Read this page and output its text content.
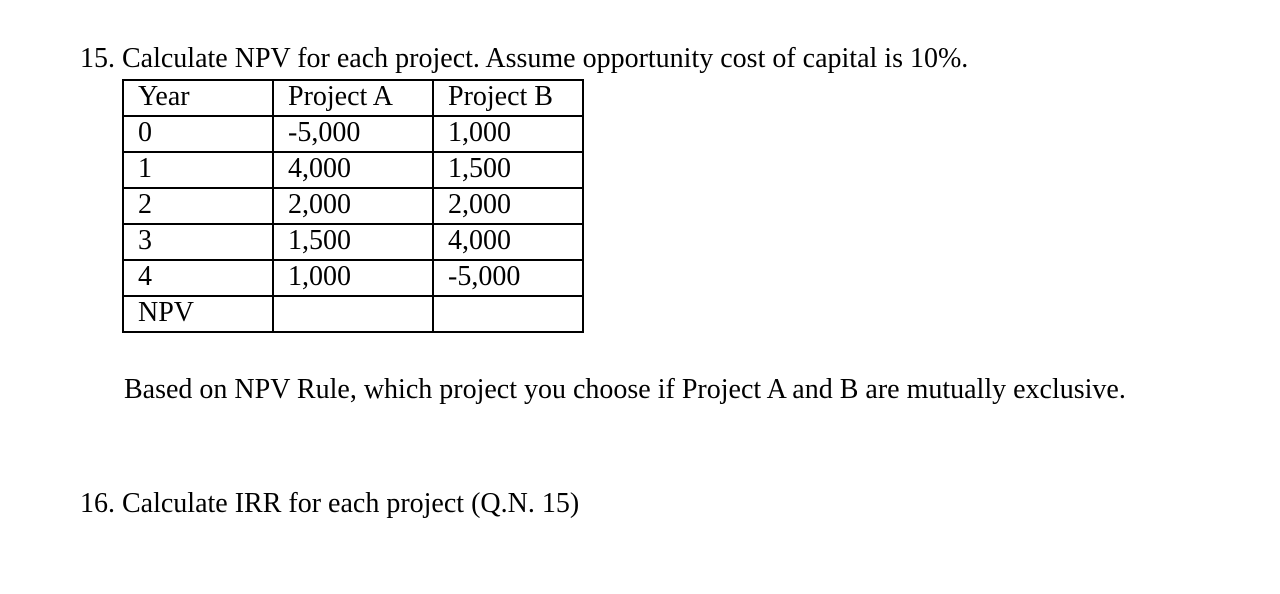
15. Calculate NPV for each project. Assume opportunity cost of capital is 10%.
Year	Project A	Project B
0	-5,000	1,000
1	4,000	1,500
2	2,000	2,000
3	1,500	4,000
4	1,000	-5,000
NPV		
Based on NPV Rule, which project you choose if Project A and B are mutually exclusive.
16. Calculate IRR for each project (Q.N. 15)
